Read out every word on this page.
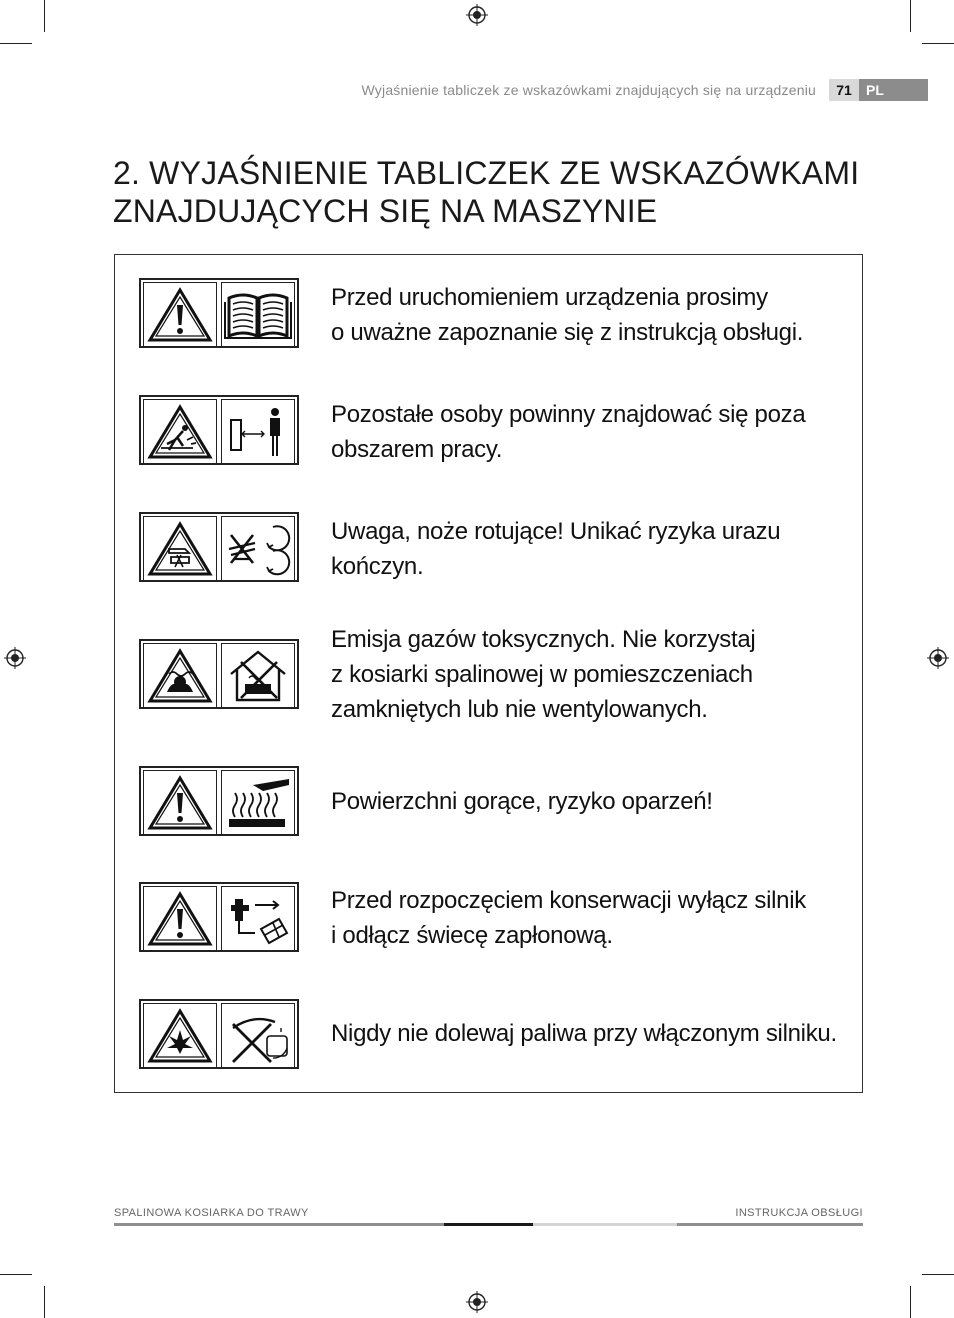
Wyjaśnienie tabliczek ze wskazówkami znajdujących się na urządzeniu	71	PL
2. WYJAŚNIENIE TABLICZEK ZE WSKAZÓWKAMI
ZNAJDUJĄCYCH SIĘ NA MASZYNIE
Przed uruchomieniem urządzenia prosimy
o uważne zapoznanie się z instrukcją obsługi.
Pozostałe osoby powinny znajdować się poza
obszarem pracy.
Uwaga, noże rotujące! Unikać ryzyka urazu
kończyn.
Emisja gazów toksycznych. Nie korzystaj
z kosiarki spalinowej w pomieszczeniach
zamkniętych lub nie wentylowanych.
Powierzchni gorące, ryzyko oparzeń!
Przed rozpoczęciem konserwacji wyłącz silnik
i odłącz świecę zapłonową.
Nigdy nie dolewaj paliwa przy włączonym silniku.
SPALINOWA KOSIARKA DO TRAWY	INSTRUKCJA OBSŁUGI
